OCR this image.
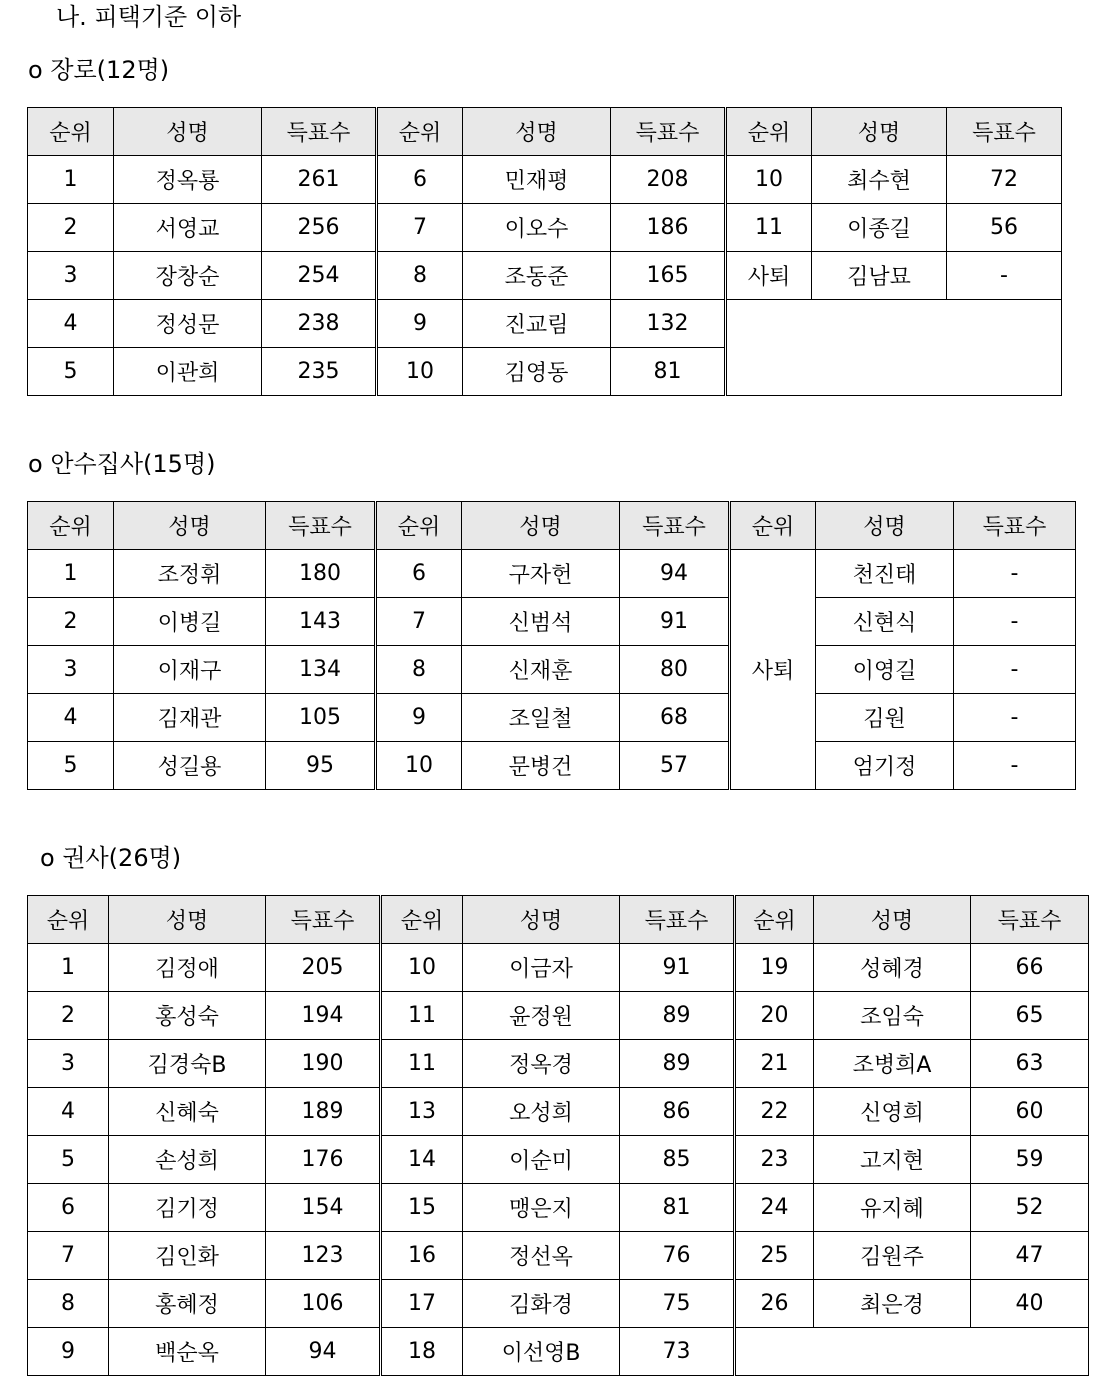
나. 피택기준 이하
o 장로(12명)
순위	성명	득표수	순위	성명	득표수	순위	성명	득표수
1	정옥룡	261	6	민재평	208	10	최수현	72
2	서영교	256	7	이오수	186	11	이종길	56
3	장창순	254	8	조동준	165	사퇴	김남묘	-
4	정성문	238	9	진교림	132			
5	이관희	235	10	김영동	81			
o 안수집사(15명)
순위	성명	득표수	순위	성명	득표수	순위	성명	득표수
1	조정휘	180	6	구자헌	94	사퇴	천진태	-
2	이병길	143	7	신범석	91		신현식	-
3	이재구	134	8	신재훈	80		이영길	-
4	김재관	105	9	조일철	68		김원	-
5	성길용	95	10	문병건	57		엄기정	-
o 권사(26명)
순위	성명	득표수	순위	성명	득표수	순위	성명	득표수
1	김정애	205	10	이금자	91	19	성혜경	66
2	홍성숙	194	11	윤정원	89	20	조임숙	65
3	김경숙B	190	11	정옥경	89	21	조병희A	63
4	신혜숙	189	13	오성희	86	22	신영희	60
5	손성희	176	14	이순미	85	23	고지현	59
6	김기정	154	15	맹은지	81	24	유지혜	52
7	김인화	123	16	정선옥	76	25	김원주	47
8	홍혜정	106	17	김화경	75	26	최은경	40
9	백순옥	94	18	이선영B	73			
